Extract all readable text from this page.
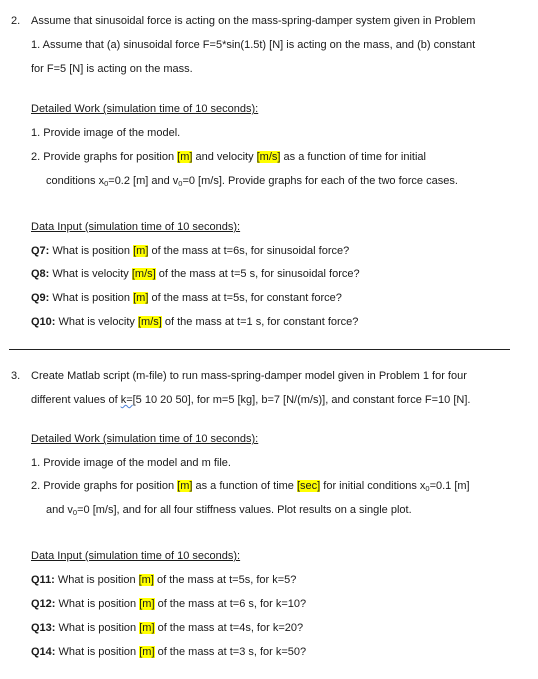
2. Assume that sinusoidal force is acting on the mass-spring-damper system given in Problem
1. Assume that (a) sinusoidal force F=5*sin(1.5t) [N] is acting on the mass, and (b) constant
for F=5 [N] is acting on the mass.
Detailed Work (simulation time of 10 seconds):
1. Provide image of the model.
2. Provide graphs for position [m] and velocity [m/s] as a function of time for initial
conditions $x_0=0.2$ [m] and $v_0=0$ [m/s]. Provide graphs for each of the two force cases.
Data Input (simulation time of 10 seconds):
Q7: What is position [m] of the mass at t=6s, for sinusoidal force?
Q8: What is velocity [m/s] of the mass at t=5 s, for sinusoidal force?
Q9: What is position [m] of the mass at t=5s, for constant force?
Q10: What is velocity [m/s] of the mass at t=1 s, for constant force?
3. Create Matlab script (m-file) to run mass-spring-damper model given in Problem 1 for four
different values of k=[5 10 20 50], for m=5 [kg], b=7 [N/(m/s)], and constant force F=10 [N].
Detailed Work (simulation time of 10 seconds):
1. Provide image of the model and m file.
2. Provide graphs for position [m] as a function of time [sec] for initial conditions $x_0=0.1$ [m]
and $v_0=0$ [m/s], and for all four stiffness values. Plot results on a single plot.
Data Input (simulation time of 10 seconds):
Q11: What is position [m] of the mass at t=5s, for k=5?
Q12: What is position [m] of the mass at t=6 s, for k=10?
Q13: What is position [m] of the mass at t=4s, for k=20?
Q14: What is position [m] of the mass at t=3 s, for k=50?
